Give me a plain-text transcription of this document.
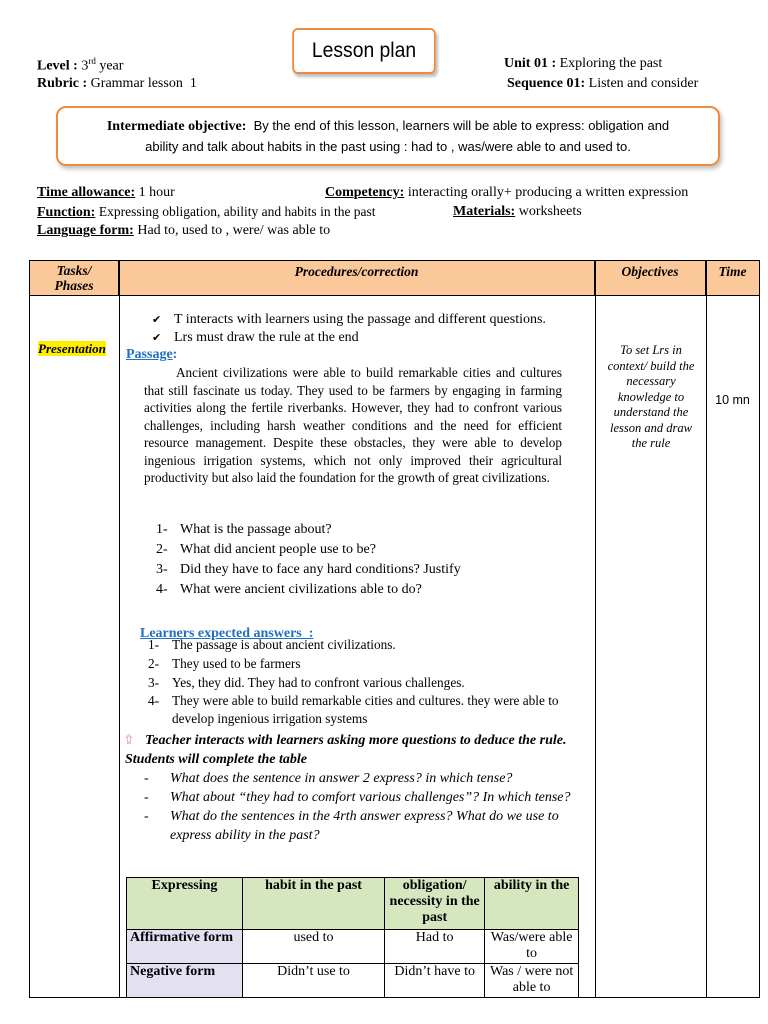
Lesson plan
Level : 3rd year
Rubric : Grammar lesson  1
Unit 01 : Exploring the past
Sequence 01: Listen and consider
Intermediate objective: By the end of this lesson, learners will be able to express: obligation and
ability and talk about habits in the past using : had to , was/were able to and used to.
Time allowance: 1 hour	Competency: interacting orally+ producing a written expression
Function: Expressing obligation, ability and habits in the past	Materials: worksheets
Language form: Had to, used to , were/ was able to
Tasks/
Phases
Procedures/correction	Objectives	Time
Presentation
✔ T interacts with learners using the passage and different questions.
✔ Lrs must draw the rule at the end
Passage:
Ancient civilizations were able to build remarkable cities and cultures that still fascinate us today. They used to be farmers by engaging in farming activities along the fertile riverbanks. However, they had to confront various challenges, including harsh weather conditions and the need for efficient resource management. Despite these obstacles, they were able to develop ingenious irrigation systems, which not only improved their agricultural productivity but also laid the foundation for the growth of great civilizations.
1- What is the passage about?
2- What did ancient people use to be?
3- Did they have to face any hard conditions? Justify
4- What were ancient civilizations able to do?

Learners expected answers  :

1- The passage is about ancient civilizations.
2- They used to be farmers
3- Yes, they did. They had to confront various challenges.
4- They were able to build remarkable cities and cultures. they were able to develop ingenious irrigation systems
⮸ Teacher interacts with learners asking more questions to deduce the rule. Students will complete the table
-	What does the sentence in answer 2 express? in which tense?
-	What about “they had to comfort various challenges”? In which tense?
-	What do the sentences in the 4rth answer express? What do we use to express ability in the past?
Expressing	habit in the past	obligation/ necessity in the past	ability in the
Affirmative form	used to	Had to	Was/were able to
Negative form	Didn’t use to	Didn’t have to	Was / were not able to
To set Lrs in context/ build the necessary knowledge to understand the lesson and draw the rule
10 mn
